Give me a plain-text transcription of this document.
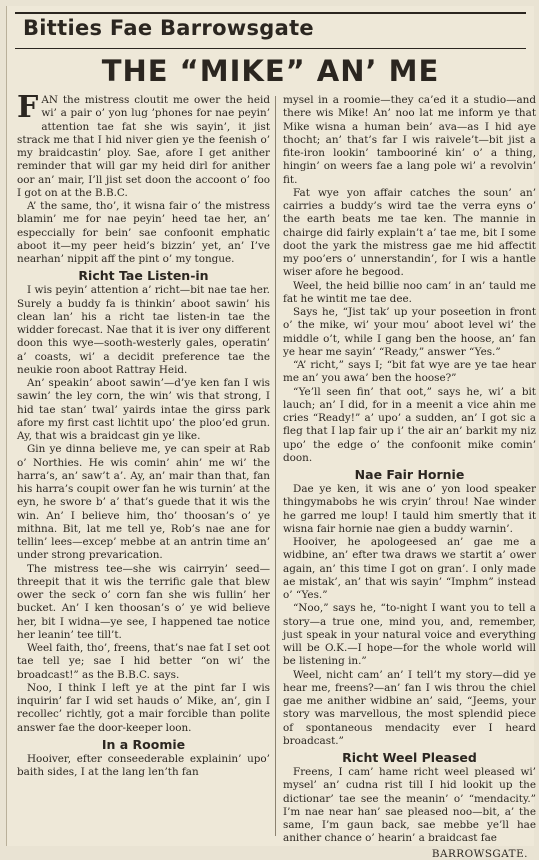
Bitties Fae Barrowsgate
THE “MIKE” AN’ ME

FAN the mistress cloutit me ower the heid wi’ a pair o’ yon lug ’phones for nae peyin’ attention tae fat she wis sayin’, it jist strack me that I hid niver gien ye the feenish o’ my braidcastin’ ploy. Sae, afore I get anither reminder that will gar my heid dirl for anither oor an’ mair, I’ll jist set doon the accoont o’ foo I got on at the B.B.C.

A’ the same, tho’, it wisna fair o’ the mistress blamin’ me for nae peyin’ heed tae her, an’ especcially for bein’ sae confoonit emphatic aboot it—my peer heid’s bizzin’ yet, an’ I’ve nearhan’ nippit aff the pint o’ my tongue.

Richt Tae Listen-in

I wis peyin’ attention a’ richt—bit nae tae her. Surely a buddy fa is thinkin’ aboot sawin’ his clean lan’ his a richt tae listen-in tae the widder forecast. Nae that it is iver ony different doon this wye—sooth-westerly gales, operatin’ a’ coasts, wi’ a decidit preference tae the neukie roon aboot Rattray Heid.

An’ speakin’ aboot sawin’—d’ye ken fan I wis sawin’ the ley corn, the win’ wis that strong, I hid tae stan’ twal’ yairds intae the girss park afore my first cast lichtit upo’ the ploo’ed grun. Ay, that wis a braidcast gin ye like.

Gin ye dinna believe me, ye can speir at Rab o’ Northies. He wis comin’ ahin’ me wi’ the harra’s, an’ saw’t a’. Ay, an’ mair than that, fan his harra’s coupit ower fan he wis turnin’ at the eyn, he swore b’ a’ that’s guede that it wis the win. An’ I believe him, tho’ thoosan’s o’ ye mithna. Bit, lat me tell ye, Rob’s nae ane for tellin’ lees—excep’ mebbe at an antrin time an’ under strong prevarication.

The mistress tee—she wis cairryin’ seed—threepit that it wis the terrific gale that blew ower the seck o’ corn fan she wis fullin’ her bucket. An’ I ken thoosan’s o’ ye wid believe her, bit I widna—ye see, I happened tae notice her leanin’ tee till’t.

Weel faith, tho’, freens, that’s nae fat I set oot tae tell ye; sae I hid better “on wi’ the broadcast!” as the B.B.C. says.

Noo, I think I left ye at the pint far I wis inquirin’ far I wid set hauds o’ Mike, an’, gin I recollec’ richtly, got a mair forcible than polite answer fae the door-keeper loon.

In a Roomie

Hooiver, efter conseederable explainin’ upo’ baith sides, I at the lang len’th fan

mysel in a roomie—they ca’ed it a studio—and there wis Mike! An’ noo lat me inform ye that Mike wisna a human bein’ ava—as I hid aye thocht; an’ that’s far I wis raivele’t—bit jist a fite-iron lookin’ tambooriné kin’ o’ a thing, hingin’ on weers fae a lang pole wi’ a revolvin’ fit.

Fat wye yon affair catches the soun’ an’ cairries a buddy’s wird tae the verra eyns o’ the earth beats me tae ken. The mannie in chairge did fairly explain’t a’ tae me, bit I some doot the yark the mistress gae me hid affectit my poo’ers o’ unnerstandin’, for I wis a hantle wiser afore he begood.

Weel, the heid billie noo cam’ in an’ tauld me fat he wintit me tae dee.

Says he, “Jist tak’ up your poseetion in front o’ the mike, wi’ your mou’ aboot level wi’ the middle o’t, while I gang ben the hoose, an’ fan ye hear me sayin’ “Ready,” answer “Yes.”

“A’ richt,” says I; “bit fat wye are ye tae hear me an’ you awa’ ben the hoose?”

“Ye’ll seen fin’ that oot,” says he, wi’ a bit lauch; an’ I did, for in a meenit a vice ahin me cries “Ready!” a’ upo’ a sudden, an’ I got sic a fleg that I lap fair up i’ the air an’ barkit my niz upo’ the edge o’ the confoonit mike comin’ doon.

Nae Fair Hornie

Dae ye ken, it wis ane o’ yon lood speaker thingymabobs he wis cryin’ throu! Nae winder he garred me loup! I tauld him smertly that it wisna fair hornie nae gien a buddy warnin’.

Hooiver, he apologeesed an’ gae me a widbine, an’ efter twa draws we startit a’ ower again, an’ this time I got on gran’. I only made ae mistak’, an’ that wis sayin’ “Imphm” instead o’ “Yes.”

“Noo,” says he, “to-night I want you to tell a story—a true one, mind you, and, remember, just speak in your natural voice and everything will be O.K.—I hope—for the whole world will be listening in.”

Weel, nicht cam’ an’ I tell’t my story—did ye hear me, freens?—an’ fan I wis throu the chiel gae me anither widbine an’ said, “Jeems, your story was marvellous, the most splendid piece of spontaneous mendacity ever I heard broadcast.”

Richt Weel Pleased

Freens, I cam’ hame richt weel pleased wi’ mysel’ an’ cudna rist till I hid lookit up the dictionar’ tae see the meanin’ o’ “mendacity.” I’m nae near han’ sae pleased noo—bit, a’ the same, I’m gaun back, sae mebbe ye’ll hae anither chance o’ hearin’ a braidcast fae

BARROWSGATE.
